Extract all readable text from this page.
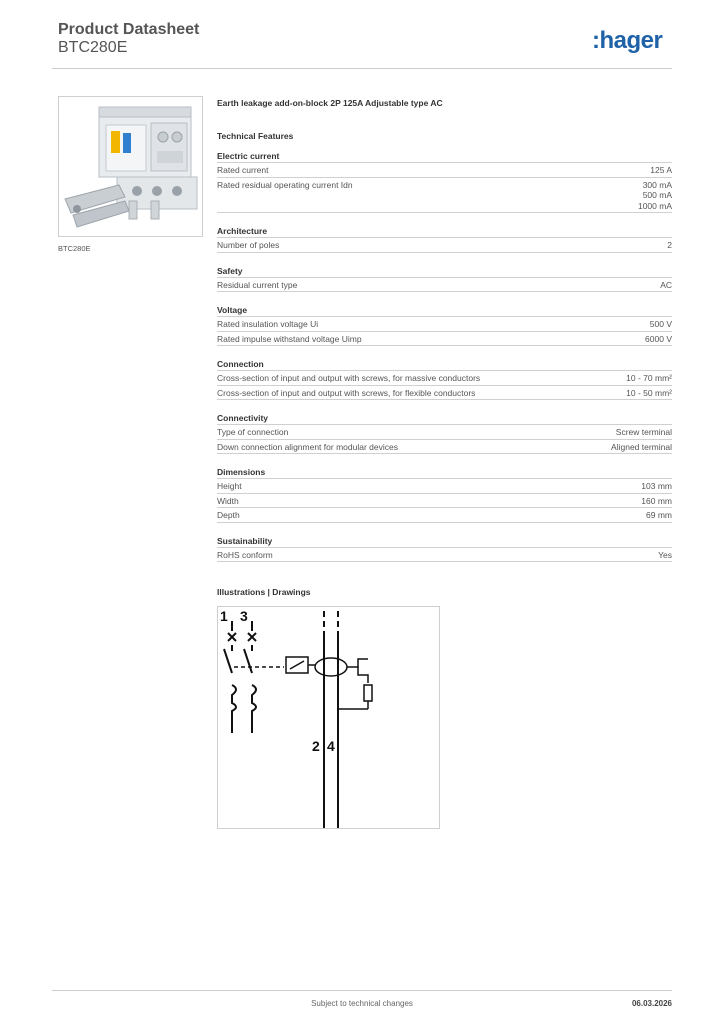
Product Datasheet
BTC280E	:hager
BTC280E
Earth leakage add-on-block 2P 125A Adjustable type AC
Technical Features
Electric current
Rated current	125 A
Rated residual operating current Idn	300 mA
500 mA
1000 mA
Architecture
Number of poles	2
Safety
Residual current type	AC
Voltage
Rated insulation voltage Ui	500 V
Rated impulse withstand voltage Uimp	6000 V
Connection
Cross-section of input and output with screws, for massive conductors	10 - 70 mm²
Cross-section of input and output with screws, for flexible conductors	10 - 50 mm²
Connectivity
Type of connection	Screw terminal
Down connection alignment for modular devices	Aligned terminal
Dimensions
Height	103 mm
Width	160 mm
Depth	69 mm
Sustainability
RoHS conform	Yes
Illustrations | Drawings
1 3
2 4
Subject to technical changes	06.03.2026
